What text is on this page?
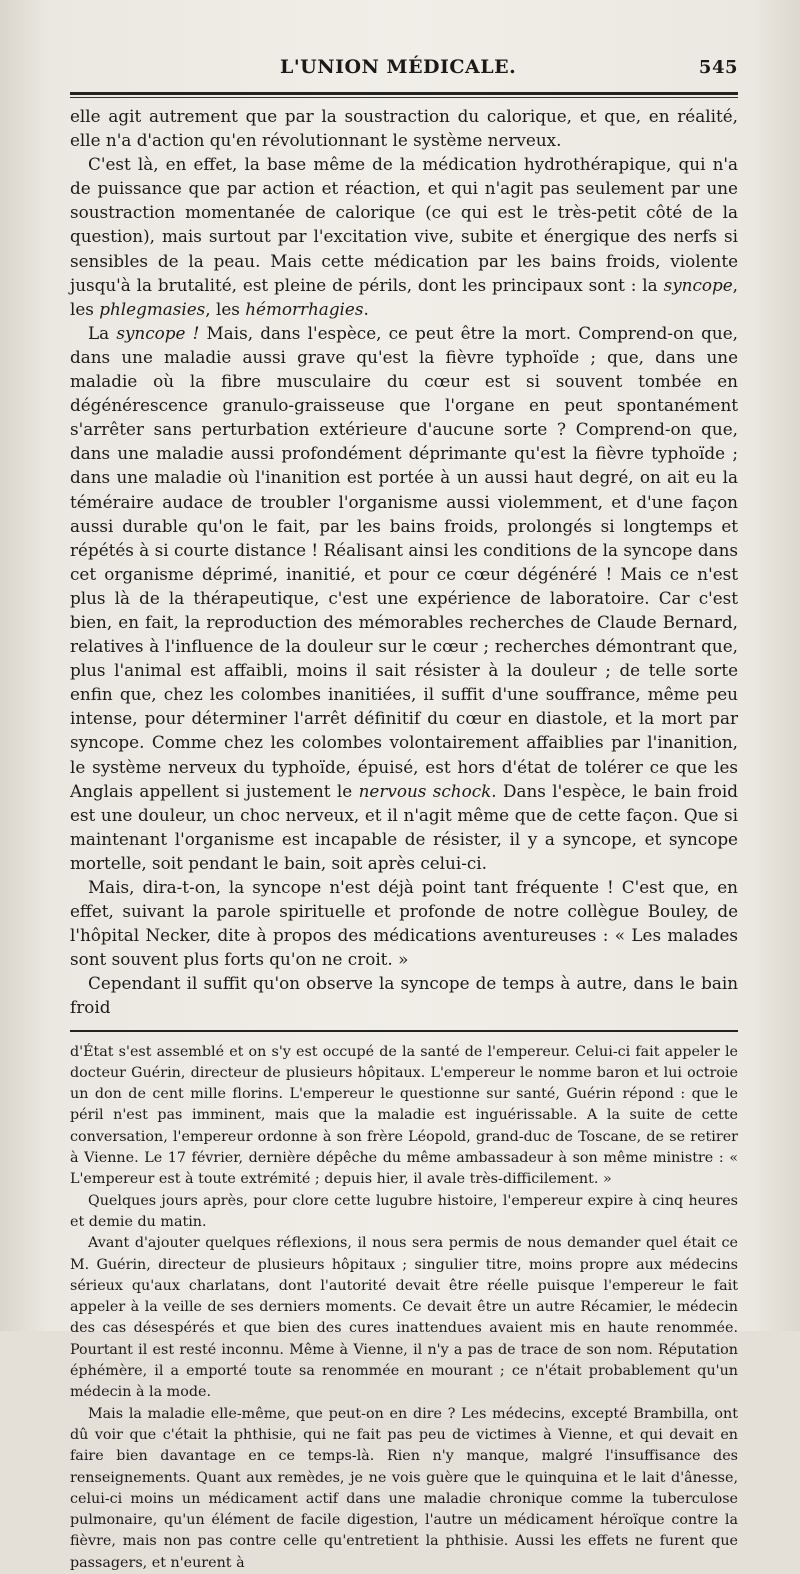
L'UNION MÉDICALE.	545

elle agit autrement que par la soustraction du calorique, et que, en réalité, elle n'a d'action qu'en révolutionnant le système nerveux.

C'est là, en effet, la base même de la médication hydrothérapique, qui n'a de puissance que par action et réaction, et qui n'agit pas seulement par une soustraction momentanée de calorique (ce qui est le très-petit côté de la question), mais surtout par l'excitation vive, subite et énergique des nerfs si sensibles de la peau. Mais cette médication par les bains froids, violente jusqu'à la brutalité, est pleine de périls, dont les principaux sont : la syncope, les phlegmasies, les hémorrhagies.

La syncope ! Mais, dans l'espèce, ce peut être la mort. Comprend-on que, dans une maladie aussi grave qu'est la fièvre typhoïde ; que, dans une maladie où la fibre musculaire du cœur est si souvent tombée en dégénérescence granulo-graisseuse que l'organe en peut spontanément s'arrêter sans perturbation extérieure d'aucune sorte ? Comprend-on que, dans une maladie aussi profondément déprimante qu'est la fièvre typhoïde ; dans une maladie où l'inanition est portée à un aussi haut degré, on ait eu la téméraire audace de troubler l'organisme aussi violemment, et d'une façon aussi durable qu'on le fait, par les bains froids, prolongés si longtemps et répétés à si courte distance ! Réalisant ainsi les conditions de la syncope dans cet organisme déprimé, inanitié, et pour ce cœur dégénéré ! Mais ce n'est plus là de la thérapeutique, c'est une expérience de laboratoire. Car c'est bien, en fait, la reproduction des mémorables recherches de Claude Bernard, relatives à l'influence de la douleur sur le cœur ; recherches démontrant que, plus l'animal est affaibli, moins il sait résister à la douleur ; de telle sorte enfin que, chez les colombes inanitiées, il suffit d'une souffrance, même peu intense, pour déterminer l'arrêt définitif du cœur en diastole, et la mort par syncope. Comme chez les colombes volontairement affaiblies par l'inanition, le système nerveux du typhoïde, épuisé, est hors d'état de tolérer ce que les Anglais appellent si justement le nervous schock. Dans l'espèce, le bain froid est une douleur, un choc nerveux, et il n'agit même que de cette façon. Que si maintenant l'organisme est incapable de résister, il y a syncope, et syncope mortelle, soit pendant le bain, soit après celui-ci.

Mais, dira-t-on, la syncope n'est déjà point tant fréquente ! C'est que, en effet, suivant la parole spirituelle et profonde de notre collègue Bouley, de l'hôpital Necker, dite à propos des médications aventureuses : « Les malades sont souvent plus forts qu'on ne croit. »

Cependant il suffit qu'on observe la syncope de temps à autre, dans le bain froid

d'État s'est assemblé et on s'y est occupé de la santé de l'empereur. Celui-ci fait appeler le docteur Guérin, directeur de plusieurs hôpitaux. L'empereur le nomme baron et lui octroie un don de cent mille florins. L'empereur le questionne sur santé, Guérin répond : que le péril n'est pas imminent, mais que la maladie est inguérissable. A la suite de cette conversation, l'empereur ordonne à son frère Léopold, grand-duc de Toscane, de se retirer à Vienne. Le 17 février, dernière dépêche du même ambassadeur à son même ministre : « L'empereur est à toute extrémité ; depuis hier, il avale très-difficilement. »

Quelques jours après, pour clore cette lugubre histoire, l'empereur expire à cinq heures et demie du matin.

Avant d'ajouter quelques réflexions, il nous sera permis de nous demander quel était ce M. Guérin, directeur de plusieurs hôpitaux ; singulier titre, moins propre aux médecins sérieux qu'aux charlatans, dont l'autorité devait être réelle puisque l'empereur le fait appeler à la veille de ses derniers moments. Ce devait être un autre Récamier, le médecin des cas désespérés et que bien des cures inattendues avaient mis en haute renommée. Pourtant il est resté inconnu. Même à Vienne, il n'y a pas de trace de son nom. Réputation éphémère, il a emporté toute sa renommée en mourant ; ce n'était probablement qu'un médecin à la mode.

Mais la maladie elle-même, que peut-on en dire ? Les médecins, excepté Brambilla, ont dû voir que c'était la phthisie, qui ne fait pas peu de victimes à Vienne, et qui devait en faire bien davantage en ce temps-là. Rien n'y manque, malgré l'insuffisance des renseignements. Quant aux remèdes, je ne vois guère que le quinquina et le lait d'ânesse, celui-ci moins un médicament actif dans une maladie chronique comme la tuberculose pulmonaire, qu'un élément de facile digestion, l'autre un médicament héroïque contre la fièvre, mais non pas contre celle qu'entretient la phthisie. Aussi les effets ne furent que passagers, et n'eurent à
